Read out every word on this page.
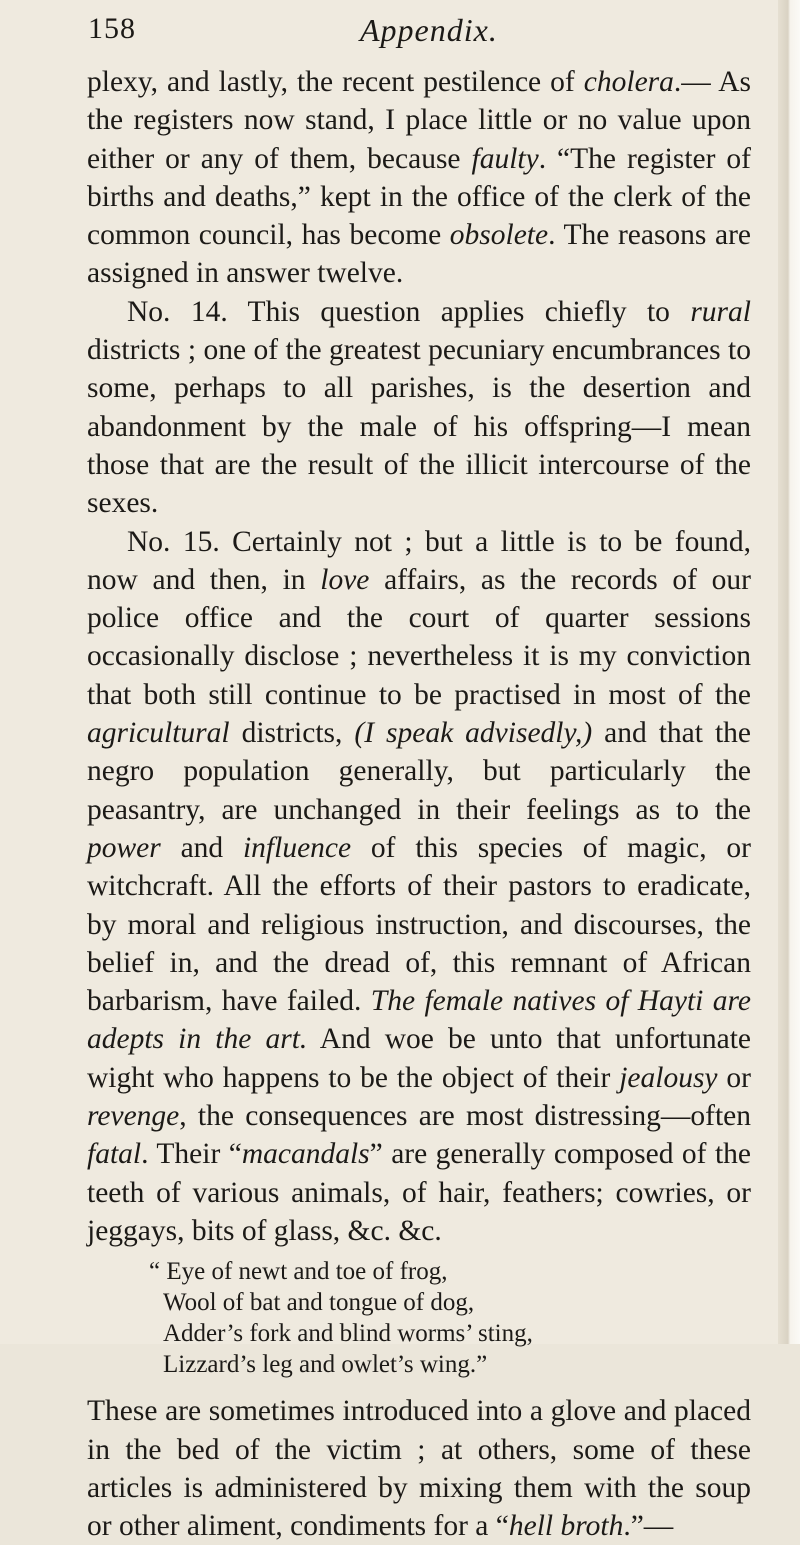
158	Appendix.

plexy, and lastly, the recent pestilence of cholera.— As the registers now stand, I place little or no value upon either or any of them, because faulty. “The register of births and deaths,” kept in the office of the clerk of the common council, has become obsolete. The reasons are assigned in answer twelve.

No. 14. This question applies chiefly to rural districts ; one of the greatest pecuniary encumbrances to some, perhaps to all parishes, is the desertion and abandonment by the male of his offspring—I mean those that are the result of the illicit intercourse of the sexes.

No. 15. Certainly not ; but a little is to be found, now and then, in love affairs, as the records of our police office and the court of quarter sessions occasionally disclose ; nevertheless it is my conviction that both still continue to be practised in most of the agricultural districts, (I speak advisedly,) and that the negro population generally, but particularly the peasantry, are unchanged in their feelings as to the power and influence of this species of magic, or witchcraft. All the efforts of their pastors to eradicate, by moral and religious instruction, and discourses, the belief in, and the dread of, this remnant of African barbarism, have failed. The female natives of Hayti are adepts in the art. And woe be unto that unfortunate wight who happens to be the object of their jealousy or revenge, the consequences are most distressing—often fatal. Their “macandals” are generally composed of the teeth of various animals, of hair, feathers; cowries, or jeggays, bits of glass, &c. &c.

“ Eye of newt and toe of frog,
Wool of bat and tongue of dog,
Adder’s fork and blind worms’ sting,
Lizzard’s leg and owlet’s wing.”

These are sometimes introduced into a glove and placed in the bed of the victim ; at others, some of these articles is administered by mixing them with the soup or other aliment, condiments for a “hell broth.”—
